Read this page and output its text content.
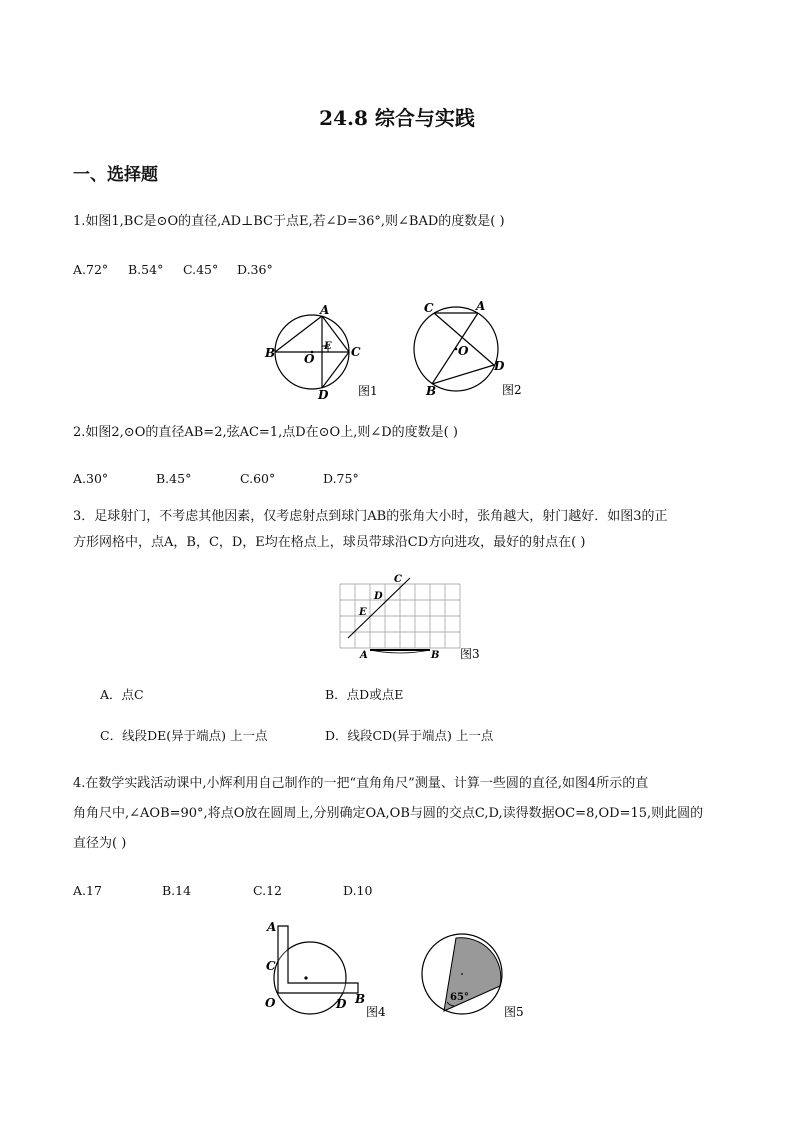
24.8 综合与实践
一、选择题
1.如图1,BC是⊙O的直径,AD⊥BC于点E,若∠D=36°,则∠BAD的度数是( )
A.72° B.54° C.45° D.36°
A
B	C
D
E
O
图1
C	A
B
D
O
图2
2.如图2,⊙O的直径AB=2,弦AC=1,点D在⊙O上,则∠D的度数是( )
A.30°	B.45°	C.60°	D.75°
3．足球射门，不考虑其他因素，仅考虑射点到球门AB的张角大小时，张角越大，射门越好．如图3的正
方形网格中，点A，B，C，D，E均在格点上，球员带球沿CD方向进攻，最好的射点在( )
C
D
E
A	B 图3
A．点C	B．点D或点E
C．线段DE(异于端点) 上一点	D．线段CD(异于端点) 上一点
4.在数学实践活动课中,小辉利用自己制作的一把“直角角尺”测量、计算一些圆的直径,如图4所示的直
角角尺中,∠AOB=90°,将点O放在圆周上,分别确定OA,OB与圆的交点C,D,读得数据OC=8,OD=15,则此圆的
直径为( )
A.17	B.14	C.12	D.10
A
C
O	D B
图4
65°
图5
